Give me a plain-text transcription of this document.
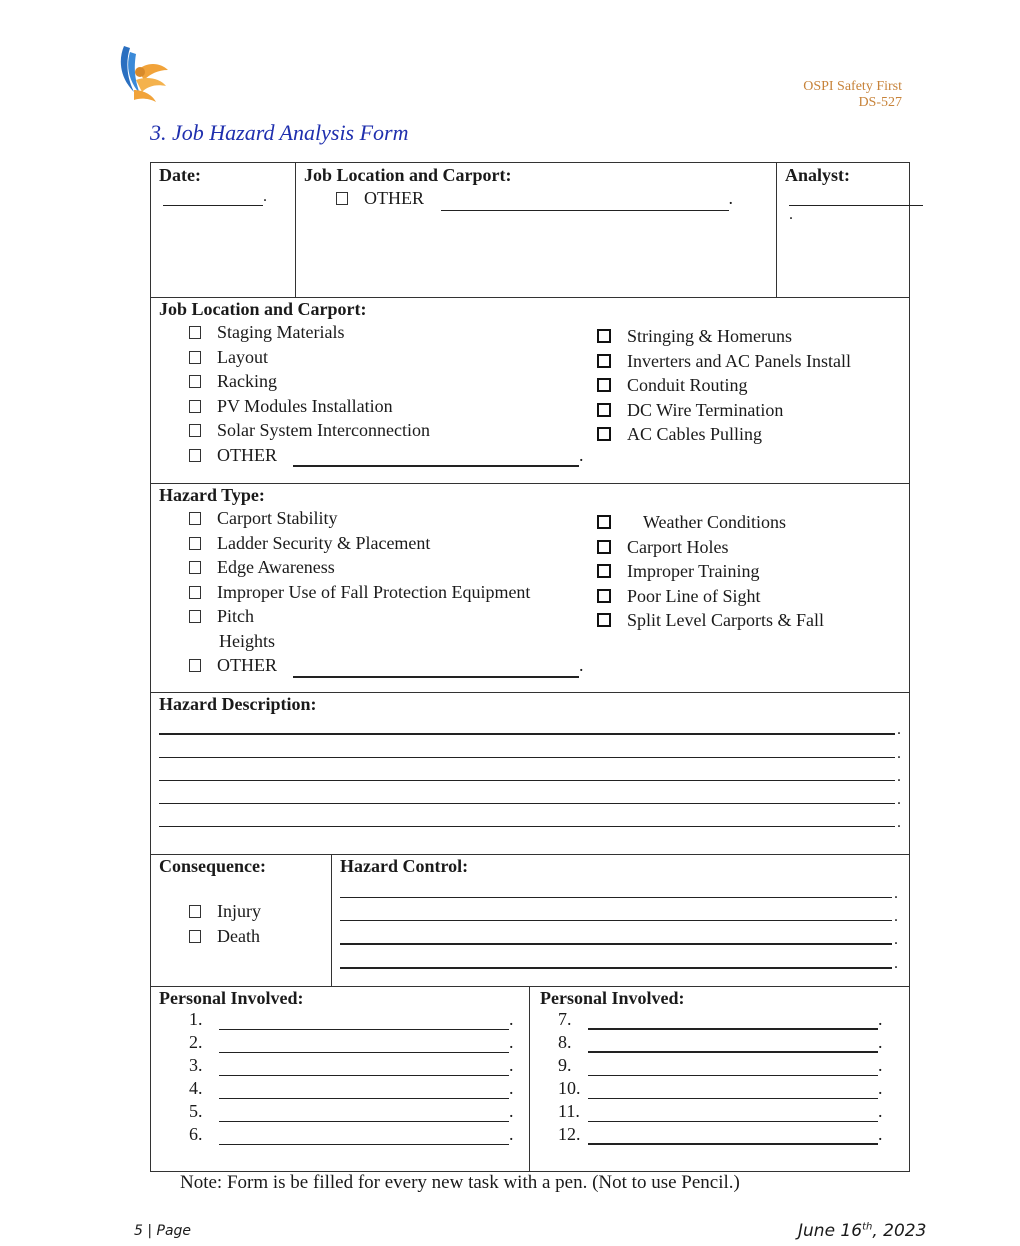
OSPI Safety First
DS-527
3. Job Hazard Analysis Form
Date:
.

Job Location and Carport:
OTHER	.

Analyst:
.
Job Location and Carport:
Staging Materials
Layout
Racking
PV Modules Installation
Solar System Interconnection
OTHER	.
Stringing & Homeruns
Inverters and AC Panels Install
Conduit Routing
DC Wire Termination
AC Cables Pulling
Hazard Type:
Carport Stability
Ladder Security & Placement
Edge Awareness
Improper Use of Fall Protection Equipment
Pitch
Heights
OTHER	.
Weather Conditions
Carport Holes
Improper Training
Poor Line of Sight
Split Level Carports & Fall
Hazard Description:
.
.
.
.
.
Consequence:
Injury
Death

Hazard Control:
.
.
.
.
Personal Involved:
1.	.
2.	.
3.	.
4.	.
5.	.
6.	.

Personal Involved:
7.	.
8.	.
9.	.
10.	.
11.	.
12.	.
Note: Form is be filled for every new task with a pen. (Not to use Pencil.)
5 | Page	June 16th, 2023
